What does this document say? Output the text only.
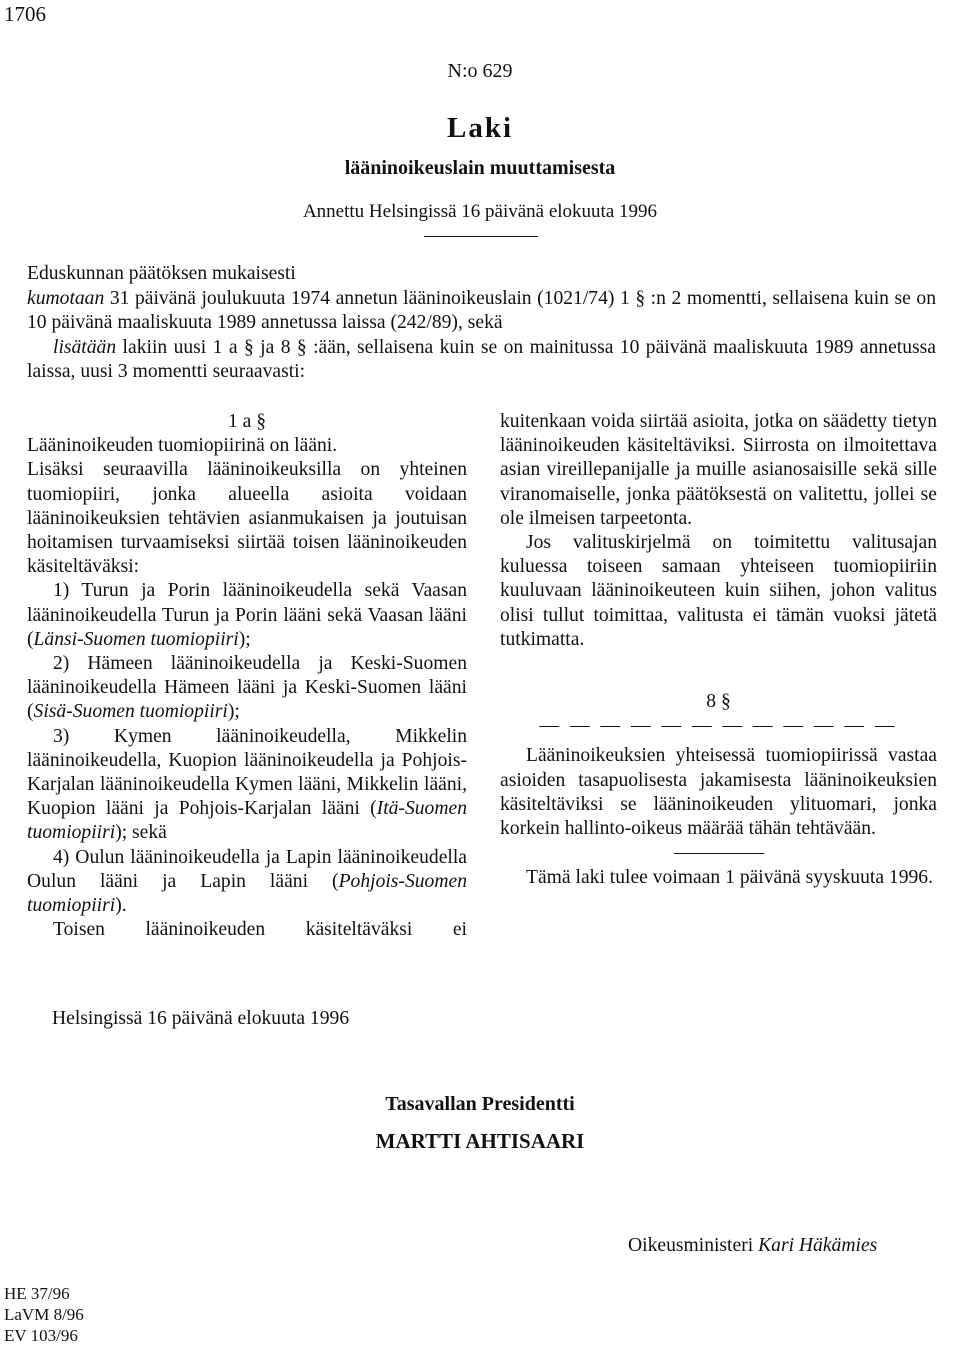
1706
N:o 629
Laki
lääninoikeuslain muuttamisesta
Annettu Helsingissä 16 päivänä elokuuta 1996

Eduskunnan päätöksen mukaisesti

kumotaan 31 päivänä joulukuuta 1974 annetun lääninoikeuslain (1021/74) 1 § :n 2 momentti, sellaisena kuin se on 10 päivänä maaliskuuta 1989 annetussa laissa (242/89), sekä

lisätään lakiin uusi 1 a § ja 8 § :ään, sellaisena kuin se on mainitussa 10 päivänä maaliskuuta 1989 annetussa laissa, uusi 3 momentti seuraavasti:

1 a §

Lääninoikeuden tuomiopiirinä on lääni.

Lisäksi seuraavilla lääninoikeuksilla on yhteinen tuomiopiiri, jonka alueella asioita voidaan lääninoikeuksien tehtävien asianmukaisen ja joutuisan hoitamisen turvaamiseksi siirtää toisen lääninoikeuden käsiteltäväksi:

1) Turun ja Porin lääninoikeudella sekä Vaasan lääninoikeudella Turun ja Porin lääni sekä Vaasan lääni (Länsi-Suomen tuomiopiiri);

2) Hämeen lääninoikeudella ja Keski-Suomen lääninoikeudella Hämeen lääni ja Keski-Suomen lääni (Sisä-Suomen tuomiopiiri);

3) Kymen lääninoikeudella, Mikkelin lääninoikeudella, Kuopion lääninoikeudella ja Pohjois-Karjalan lääninoikeudella Kymen lääni, Mikkelin lääni, Kuopion lääni ja Pohjois-Karjalan lääni (Itä-Suomen tuomiopiiri); sekä

4) Oulun lääninoikeudella ja Lapin lääninoikeudella Oulun lääni ja Lapin lääni (Pohjois-Suomen tuomiopiiri).

Toisen lääninoikeuden käsiteltäväksi ei

kuitenkaan voida siirtää asioita, jotka on säädetty tietyn lääninoikeuden käsiteltäviksi. Siirrosta on ilmoitettava asian vireillepanijalle ja muille asianosaisille sekä sille viranomaiselle, jonka päätöksestä on valitettu, jollei se ole ilmeisen tarpeetonta.

Jos valituskirjelmä on toimitettu valitusajan kuluessa toiseen samaan yhteiseen tuomiopiiriin kuuluvaan lääninoikeuteen kuin siihen, johon valitus olisi tullut toimittaa, valitusta ei tämän vuoksi jätetä tutkimatta.

8 §

— — — — — — — — — — — —

Lääninoikeuksien yhteisessä tuomiopiirissä vastaa asioiden tasapuolisesta jakamisesta lääninoikeuksien käsiteltäviksi se lääninoikeuden ylituomari, jonka korkein hallinto-oikeus määrää tähän tehtävään.

Tämä laki tulee voimaan 1 päivänä syyskuuta 1996.

Helsingissä 16 päivänä elokuuta 1996
Tasavallan Presidentti
MARTTI AHTISAARI
Oikeusministeri Kari Häkämies
HE 37/96
LaVM 8/96
EV 103/96
